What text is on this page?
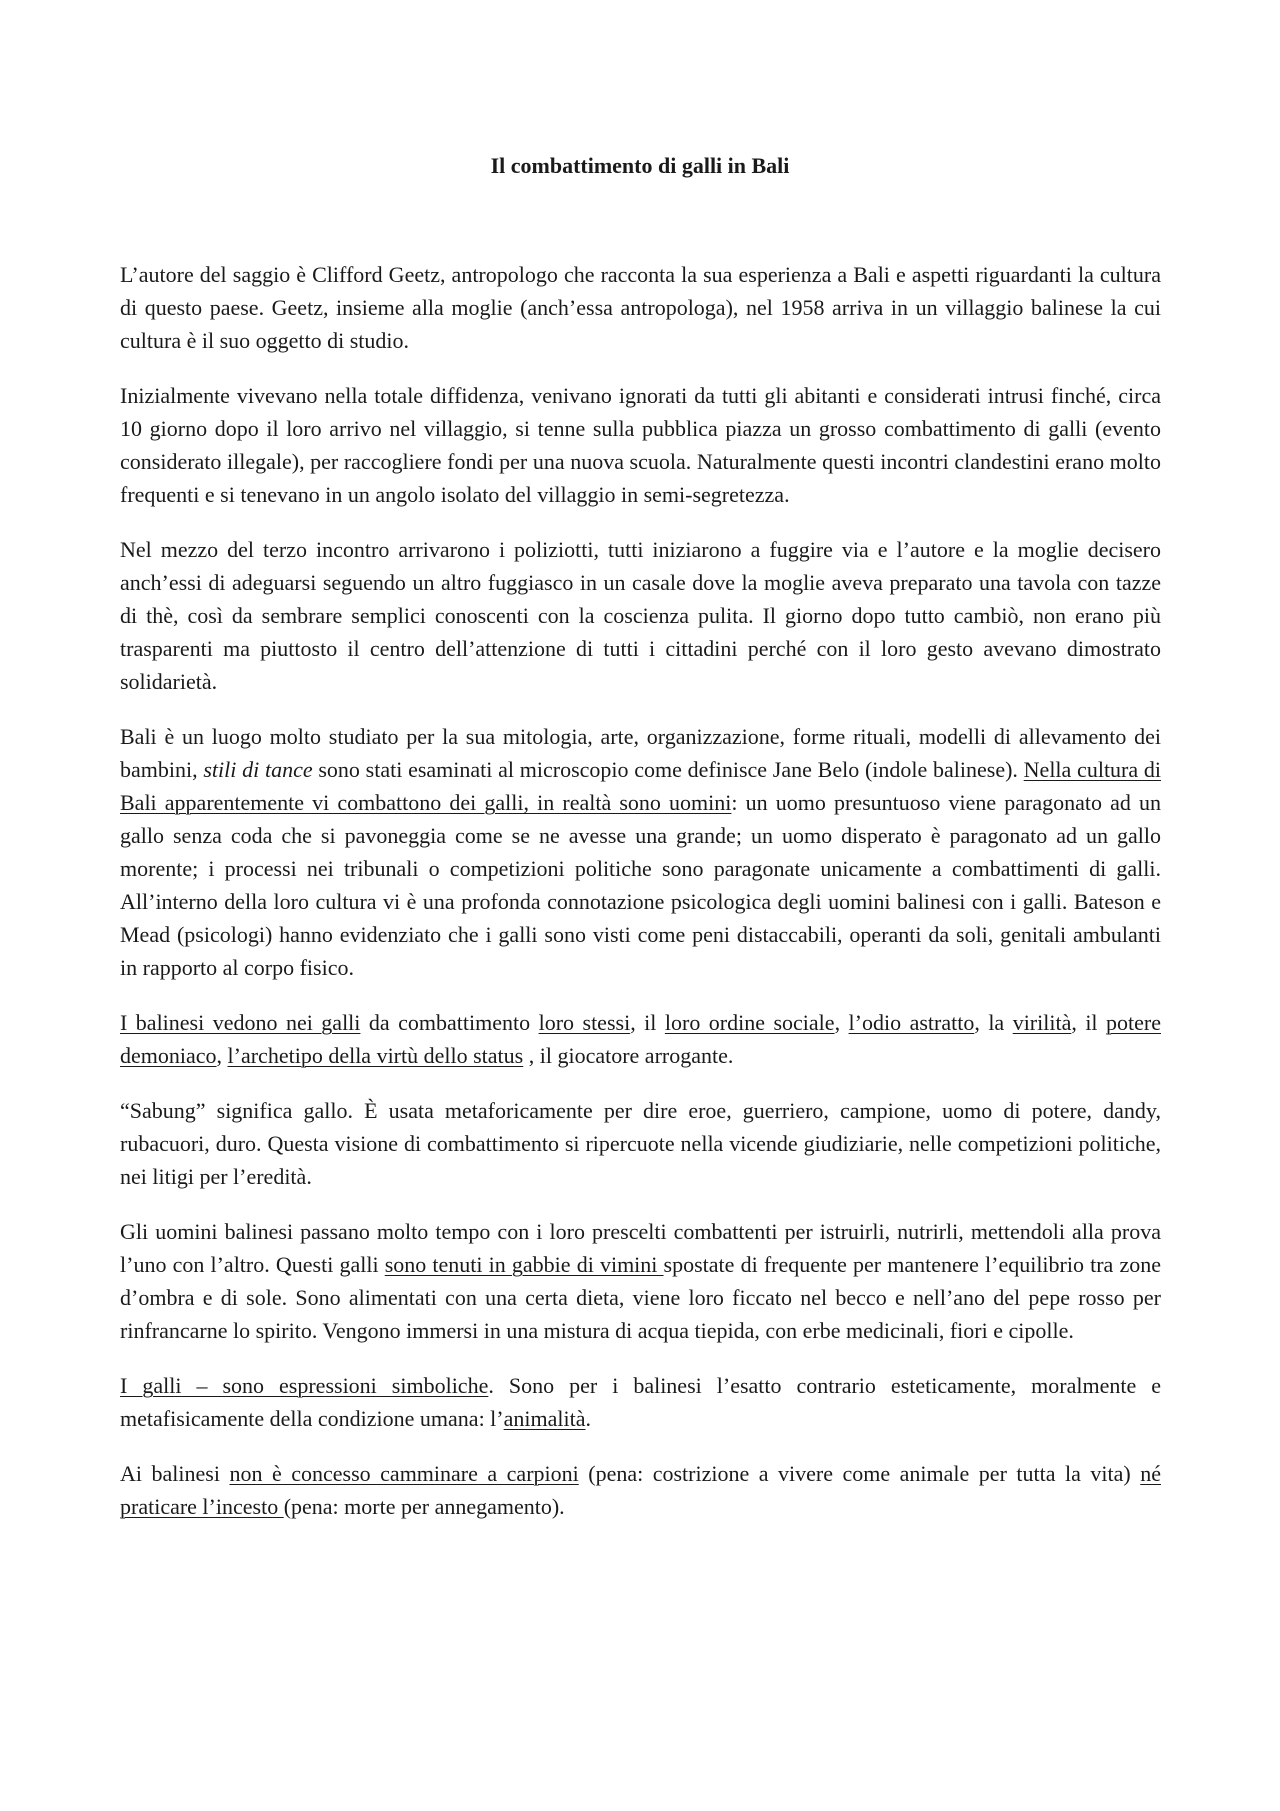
Il combattimento di galli in Bali

L’autore del saggio è Clifford Geetz, antropologo che racconta la sua esperienza a Bali e aspetti riguardanti la cultura di questo paese. Geetz, insieme alla moglie (anch’essa antropologa), nel 1958 arriva in un villaggio balinese la cui cultura è il suo oggetto di studio.

Inizialmente vivevano nella totale diffidenza, venivano ignorati da tutti gli abitanti e considerati intrusi finché, circa 10 giorno dopo il loro arrivo nel villaggio, si tenne sulla pubblica piazza un grosso combattimento di galli (evento considerato illegale), per raccogliere fondi per una nuova scuola. Naturalmente questi incontri clandestini erano molto frequenti e si tenevano in un angolo isolato del villaggio in semi-segretezza.

Nel mezzo del terzo incontro arrivarono i poliziotti, tutti iniziarono a fuggire via e l’autore e la moglie decisero anch’essi di adeguarsi seguendo un altro fuggiasco in un casale dove la moglie aveva preparato una tavola con tazze di thè, così da sembrare semplici conoscenti con la coscienza pulita. Il giorno dopo tutto cambiò, non erano più trasparenti ma piuttosto il centro dell’attenzione di tutti i cittadini perché con il loro gesto avevano dimostrato solidarietà.

Bali è un luogo molto studiato per la sua mitologia, arte, organizzazione, forme rituali, modelli di allevamento dei bambini, stili di tance sono stati esaminati al microscopio come definisce Jane Belo (indole balinese). Nella cultura di Bali apparentemente vi combattono dei galli, in realtà sono uomini: un uomo presuntuoso viene paragonato ad un gallo senza coda che si pavoneggia come se ne avesse una grande; un uomo disperato è paragonato ad un gallo morente; i processi nei tribunali o competizioni politiche sono paragonate unicamente a combattimenti di galli. All’interno della loro cultura vi è una profonda connotazione psicologica degli uomini balinesi con i galli. Bateson e Mead (psicologi) hanno evidenziato che i galli sono visti come peni distaccabili, operanti da soli, genitali ambulanti in rapporto al corpo fisico.

I balinesi vedono nei galli da combattimento loro stessi, il loro ordine sociale, l’odio astratto, la virilità, il potere demoniaco, l’archetipo della virtù dello status , il giocatore arrogante.

“Sabung” significa gallo. È usata metaforicamente per dire eroe, guerriero, campione, uomo di potere, dandy, rubacuori, duro. Questa visione di combattimento si ripercuote nella vicende giudiziarie, nelle competizioni politiche, nei litigi per l’eredità.

Gli uomini balinesi passano molto tempo con i loro prescelti combattenti per istruirli, nutrirli, mettendoli alla prova l’uno con l’altro. Questi galli sono tenuti in gabbie di vimini spostate di frequente per mantenere l’equilibrio tra zone d’ombra e di sole. Sono alimentati con una certa dieta, viene loro ficcato nel becco e nell’ano del pepe rosso per rinfrancarne lo spirito. Vengono immersi in una mistura di acqua tiepida, con erbe medicinali, fiori e cipolle.

I galli – sono espressioni simboliche. Sono per i balinesi l’esatto contrario esteticamente, moralmente e metafisicamente della condizione umana: l’animalità.

Ai balinesi non è concesso camminare a carpioni (pena: costrizione a vivere come animale per tutta la vita) né praticare l’incesto (pena: morte per annegamento).
